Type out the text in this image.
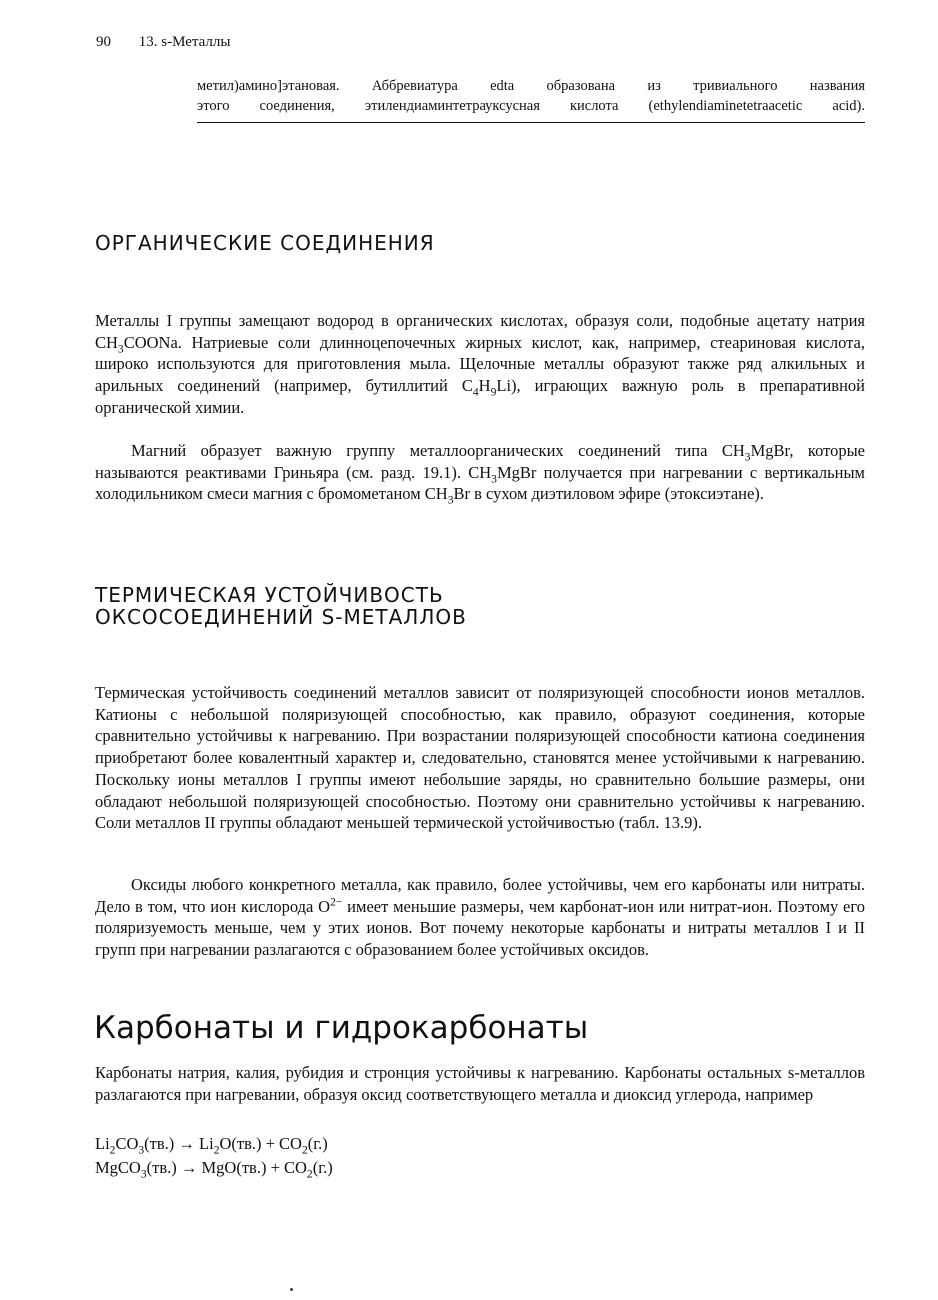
90 13. s-Металлы
метил)амино]этановая. Аббревиатура edta образована из тривиального названия
этого соединения, этилендиаминтетрауксусная кислота (ethylendiaminetetraacetic acid).
ОРГАНИЧЕСКИЕ СОЕДИНЕНИЯ

Металлы I группы замещают водород в органических кислотах, образуя соли, подобные ацетату натрия $CH_3COONa$. Натриевые соли длинноцепочечных жирных кислот, как, например, стеариновая кислота, широко используются для приготовления мыла. Щелочные металлы образуют также ряд алкильных и арильных соединений (например, бутиллитий $C_4H_9Li$), играющих важную роль в препаративной органической химии.

Магний образует важную группу металлоорганических соединений типа $CH_3MgBr$, которые называются реактивами Гриньяра (см. разд. 19.1). $CH_3MgBr$ получается при нагревании с вертикальным холодильником смеси магния с бромометаном $CH_3Br$ в сухом диэтиловом эфире (этоксиэтане).

ТЕРМИЧЕСКАЯ УСТОЙЧИВОСТЬ
ОКСОСОЕДИНЕНИЙ S-МЕТАЛЛОВ

Термическая устойчивость соединений металлов зависит от поляризующей способности ионов металлов. Катионы с небольшой поляризующей способностью, как правило, образуют соединения, которые сравнительно устойчивы к нагреванию. При возрастании поляризующей способности катиона соединения приобретают более ковалентный характер и, следовательно, становятся менее устойчивыми к нагреванию. Поскольку ионы металлов I группы имеют небольшие заряды, но сравнительно большие размеры, они обладают небольшой поляризующей способностью. Поэтому они сравнительно устойчивы к нагреванию. Соли металлов II группы обладают меньшей термической устойчивостью (табл. 13.9).

Оксиды любого конкретного металла, как правило, более устойчивы, чем его карбонаты или нитраты. Дело в том, что ион кислорода $O^{2-}$ имеет меньшие размеры, чем карбонат-ион или нитрат-ион. Поэтому его поляризуемость меньше, чем у этих ионов. Вот почему некоторые карбонаты и нитраты металлов I и II групп при нагревании разлагаются с образованием более устойчивых оксидов.

Карбонаты и гидрокарбонаты

Карбонаты натрия, калия, рубидия и стронция устойчивы к нагреванию. Карбонаты остальных s-металлов разлагаются при нагревании, образуя оксид соответствующего металла и диоксид углерода, например

$Li_2CO_3(тв.) \to Li_2O(тв.) + CO_2(г.)$
MgCO$_3$(тв.) → $MgO(тв.) + CO_2(г.)$
